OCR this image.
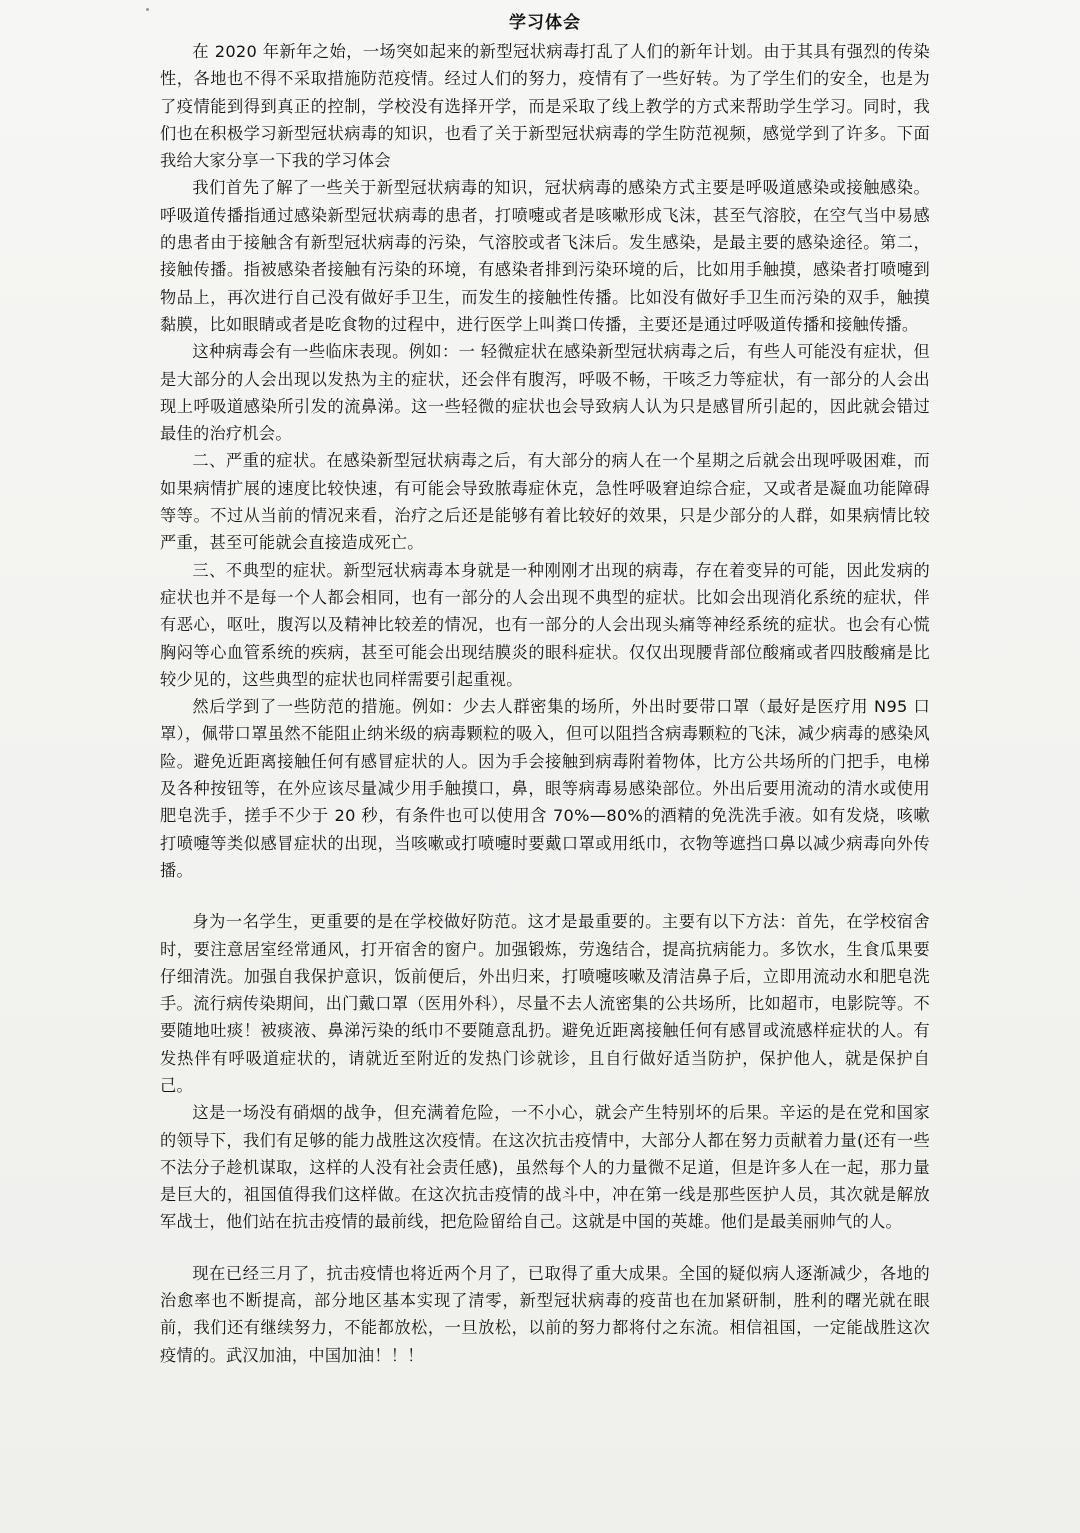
学习体会

在 2020 年新年之始，一场突如起来的新型冠状病毒打乱了人们的新年计划。由于其具有强烈的传染性，各地也不得不采取措施防范疫情。经过人们的努力，疫情有了一些好转。为了学生们的安全，也是为了疫情能到得到真正的控制，学校没有选择开学，而是采取了线上教学的方式来帮助学生学习。同时，我们也在积极学习新型冠状病毒的知识，也看了关于新型冠状病毒的学生防范视频，感觉学到了许多。下面我给大家分享一下我的学习体会

我们首先了解了一些关于新型冠状病毒的知识，冠状病毒的感染方式主要是呼吸道感染或接触感染。呼吸道传播指通过感染新型冠状病毒的患者，打喷嚏或者是咳嗽形成飞沫，甚至气溶胶，在空气当中易感的患者由于接触含有新型冠状病毒的污染，气溶胶或者飞沫后。发生感染，是最主要的感染途径。第二，接触传播。指被感染者接触有污染的环境，有感染者排到污染环境的后，比如用手触摸，感染者打喷嚏到物品上，再次进行自己没有做好手卫生，而发生的接触性传播。比如没有做好手卫生而污染的双手，触摸黏膜，比如眼睛或者是吃食物的过程中，进行医学上叫粪口传播，主要还是通过呼吸道传播和接触传播。

这种病毒会有一些临床表现。例如：一 轻微症状在感染新型冠状病毒之后，有些人可能没有症状，但是大部分的人会出现以发热为主的症状，还会伴有腹泻，呼吸不畅，干咳乏力等症状，有一部分的人会出现上呼吸道感染所引发的流鼻涕。这一些轻微的症状也会导致病人认为只是感冒所引起的，因此就会错过最佳的治疗机会。

二、严重的症状。在感染新型冠状病毒之后，有大部分的病人在一个星期之后就会出现呼吸困难，而如果病情扩展的速度比较快速，有可能会导致脓毒症休克，急性呼吸窘迫综合症，又或者是凝血功能障碍等等。不过从当前的情况来看，治疗之后还是能够有着比较好的效果，只是少部分的人群，如果病情比较严重，甚至可能就会直接造成死亡。

三、不典型的症状。新型冠状病毒本身就是一种刚刚才出现的病毒，存在着变异的可能，因此发病的症状也并不是每一个人都会相同，也有一部分的人会出现不典型的症状。比如会出现消化系统的症状，伴有恶心，呕吐，腹泻以及精神比较差的情况，也有一部分的人会出现头痛等神经系统的症状。也会有心慌胸闷等心血管系统的疾病，甚至可能会出现结膜炎的眼科症状。仅仅出现腰背部位酸痛或者四肢酸痛是比较少见的，这些典型的症状也同样需要引起重视。

然后学到了一些防范的措施。例如：少去人群密集的场所，外出时要带口罩（最好是医疗用 N95 口罩），佩带口罩虽然不能阻止纳米级的病毒颗粒的吸入，但可以阻挡含病毒颗粒的飞沫，减少病毒的感染风险。避免近距离接触任何有感冒症状的人。因为手会接触到病毒附着物体，比方公共场所的门把手，电梯及各种按钮等，在外应该尽量减少用手触摸口，鼻，眼等病毒易感染部位。外出后要用流动的清水或使用肥皂洗手，搓手不少于 20 秒，有条件也可以使用含 70%—80%的酒精的免洗洗手液。如有发烧，咳嗽打喷嚏等类似感冒症状的出现，当咳嗽或打喷嚏时要戴口罩或用纸巾，衣物等遮挡口鼻以减少病毒向外传播。

身为一名学生，更重要的是在学校做好防范。这才是最重要的。主要有以下方法：首先，在学校宿舍时，要注意居室经常通风，打开宿舍的窗户。加强锻炼，劳逸结合，提高抗病能力。多饮水，生食瓜果要仔细清洗。加强自我保护意识，饭前便后，外出归来，打喷嚏咳嗽及清洁鼻子后，立即用流动水和肥皂洗手。流行病传染期间，出门戴口罩（医用外科），尽量不去人流密集的公共场所，比如超市，电影院等。不要随地吐痰！被痰液、鼻涕污染的纸巾不要随意乱扔。避免近距离接触任何有感冒或流感样症状的人。有发热伴有呼吸道症状的，请就近至附近的发热门诊就诊，且自行做好适当防护，保护他人，就是保护自己。

这是一场没有硝烟的战争，但充满着危险，一不小心，就会产生特别坏的后果。辛运的是在党和国家的领导下，我们有足够的能力战胜这次疫情。在这次抗击疫情中，大部分人都在努力贡献着力量(还有一些不法分子趁机谋取，这样的人没有社会责任感)，虽然每个人的力量微不足道，但是许多人在一起，那力量是巨大的，祖国值得我们这样做。在这次抗击疫情的战斗中，冲在第一线是那些医护人员，其次就是解放军战士，他们站在抗击疫情的最前线，把危险留给自己。这就是中国的英雄。他们是最美丽帅气的人。

现在已经三月了，抗击疫情也将近两个月了，已取得了重大成果。全国的疑似病人逐渐减少，各地的治愈率也不断提高，部分地区基本实现了清零，新型冠状病毒的疫苗也在加紧研制，胜利的曙光就在眼前，我们还有继续努力，不能都放松，一旦放松，以前的努力都将付之东流。相信祖国，一定能战胜这次疫情的。武汉加油，中国加油！！！
